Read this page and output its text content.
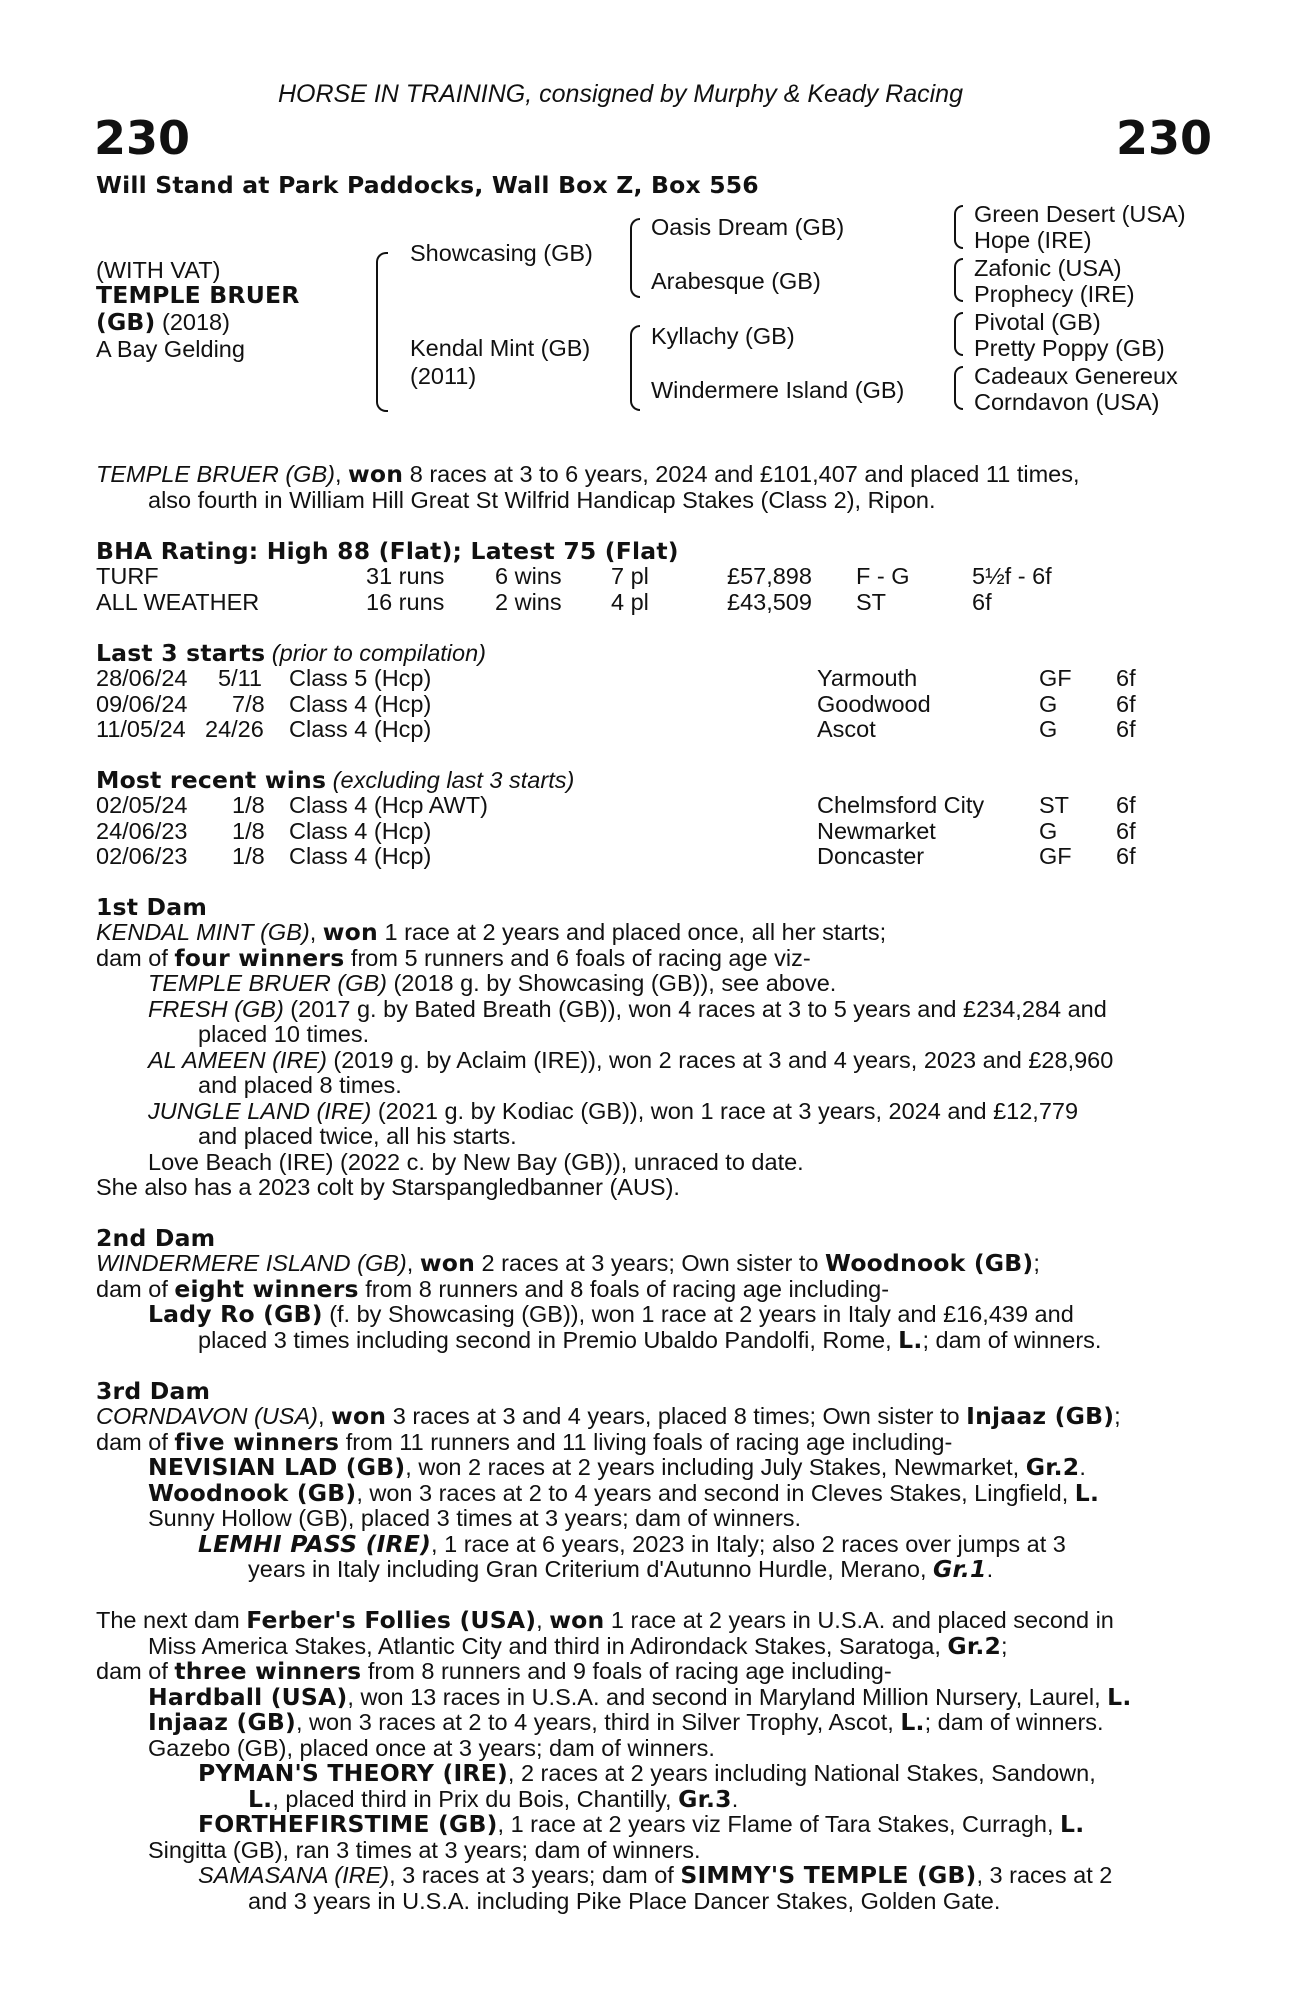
HORSE IN TRAINING, consigned by Murphy & Keady Racing
230	230
Will Stand at Park Paddocks, Wall Box Z, Box 556
(WITH VAT)
TEMPLE BRUER
(GB) (2018)
A Bay Gelding
Showcasing (GB)
Kendal Mint (GB)
(2011)
Oasis Dream (GB)
Arabesque (GB)
Kyllachy (GB)
Windermere Island (GB)
Green Desert (USA)
Hope (IRE)
Zafonic (USA)
Prophecy (IRE)
Pivotal (GB)
Pretty Poppy (GB)
Cadeaux Genereux
Corndavon (USA)
TEMPLE BRUER (GB), won 8 races at 3 to 6 years, 2024 and £101,407 and placed 11 times,
also fourth in William Hill Great St Wilfrid Handicap Stakes (Class 2), Ripon.
BHA Rating: High 88 (Flat); Latest 75 (Flat)
TURF	31 runs 6 wins 7 pl	£57,898 F - G	5½f - 6f
ALL WEATHER	16 runs 2 wins 4 pl	£43,509 ST	6f
Last 3 starts (prior to compilation)
28/06/24 5/11 Class 5 (Hcp)	Yarmouth	GF 6f
09/06/24 7/8 Class 4 (Hcp)	Goodwood	G 6f
11/05/24 24/26 Class 4 (Hcp)	Ascot	G 6f
Most recent wins (excluding last 3 starts)
02/05/24 1/8 Class 4 (Hcp AWT)	Chelmsford City ST 6f
24/06/23 1/8 Class 4 (Hcp)	Newmarket	G 6f
02/06/23 1/8 Class 4 (Hcp)	Doncaster	GF 6f
1st Dam
KENDAL MINT (GB), won 1 race at 2 years and placed once, all her starts;
dam of four winners from 5 runners and 6 foals of racing age viz-
TEMPLE BRUER (GB) (2018 g. by Showcasing (GB)), see above.
FRESH (GB) (2017 g. by Bated Breath (GB)), won 4 races at 3 to 5 years and £234,284 and
placed 10 times.
AL AMEEN (IRE) (2019 g. by Aclaim (IRE)), won 2 races at 3 and 4 years, 2023 and £28,960
and placed 8 times.
JUNGLE LAND (IRE) (2021 g. by Kodiac (GB)), won 1 race at 3 years, 2024 and £12,779
and placed twice, all his starts.
Love Beach (IRE) (2022 c. by New Bay (GB)), unraced to date.
She also has a 2023 colt by Starspangledbanner (AUS).
2nd Dam
WINDERMERE ISLAND (GB), won 2 races at 3 years; Own sister to Woodnook (GB);
dam of eight winners from 8 runners and 8 foals of racing age including-
Lady Ro (GB) (f. by Showcasing (GB)), won 1 race at 2 years in Italy and £16,439 and
placed 3 times including second in Premio Ubaldo Pandolfi, Rome, L.; dam of winners.
3rd Dam
CORNDAVON (USA), won 3 races at 3 and 4 years, placed 8 times; Own sister to Injaaz (GB);
dam of five winners from 11 runners and 11 living foals of racing age including-
NEVISIAN LAD (GB), won 2 races at 2 years including July Stakes, Newmarket, Gr.2.
Woodnook (GB), won 3 races at 2 to 4 years and second in Cleves Stakes, Lingfield, L.
Sunny Hollow (GB), placed 3 times at 3 years; dam of winners.
LEMHI PASS (IRE), 1 race at 6 years, 2023 in Italy; also 2 races over jumps at 3
years in Italy including Gran Criterium d'Autunno Hurdle, Merano, Gr.1.
The next dam Ferber's Follies (USA), won 1 race at 2 years in U.S.A. and placed second in
Miss America Stakes, Atlantic City and third in Adirondack Stakes, Saratoga, Gr.2;
dam of three winners from 8 runners and 9 foals of racing age including-
Hardball (USA), won 13 races in U.S.A. and second in Maryland Million Nursery, Laurel, L.
Injaaz (GB), won 3 races at 2 to 4 years, third in Silver Trophy, Ascot, L.; dam of winners.
Gazebo (GB), placed once at 3 years; dam of winners.
PYMAN'S THEORY (IRE), 2 races at 2 years including National Stakes, Sandown,
L., placed third in Prix du Bois, Chantilly, Gr.3.
FORTHEFIRSTIME (GB), 1 race at 2 years viz Flame of Tara Stakes, Curragh, L.
Singitta (GB), ran 3 times at 3 years; dam of winners.
SAMASANA (IRE), 3 races at 3 years; dam of SIMMY'S TEMPLE (GB), 3 races at 2
and 3 years in U.S.A. including Pike Place Dancer Stakes, Golden Gate.
